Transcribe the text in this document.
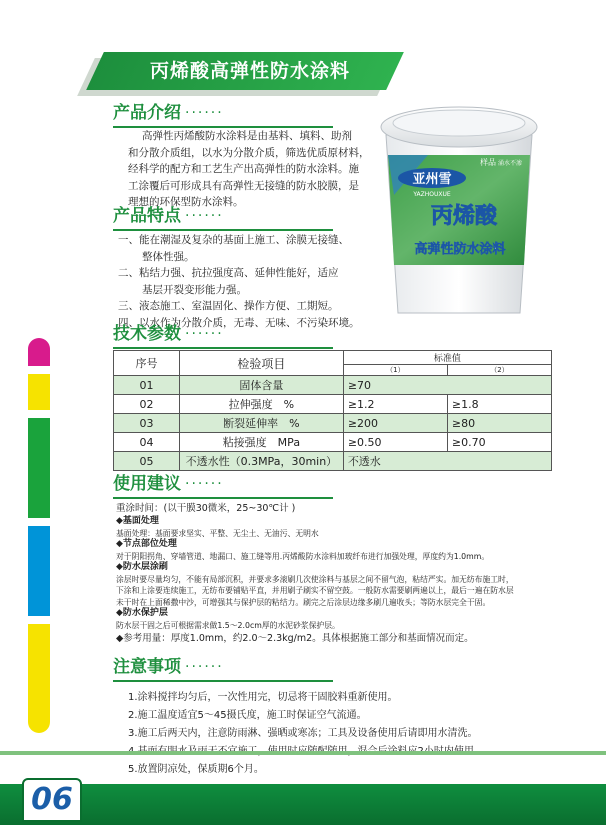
丙烯酸高弹性防水涂料
产品介绍 ······
高弹性丙烯酸防水涂料是由基料、填料、助剂
和分散介质组，以水为分散介质，筛选优质原材料，
经科学的配方和工艺生产出高弹性的防水涂料。施
工涂覆后可形成具有高弹性无接缝的防水胶膜，是
理想的环保型防水涂料。
亚州雪
YAZHOUXUE
样品 涌水不渗
丙烯酸
高弹性防水涂料
产品特点 ······
一、能在潮湿及复杂的基面上施工、涂膜无接缝、
整体性强。
二、粘结力强、抗拉强度高、延伸性能好，适应
基层开裂变形能力强。
三、液态施工、室温固化、操作方便、工期短。
四、以水作为分散介质，无毒、无味、不污染环境。
技术参数 ······
序号	检验项目	标准值	
		（1）	（2）
01	固体含量	≥70	
02	拉伸强度　%	≥1.2	≥1.8
03	断裂延伸率　%	≥200	≥80
04	粘接强度　MPa	≥0.50	≥0.70
05	不透水性（0.3MPa，30min）	不透水	
使用建议 ······
重涂时间：(以干膜30微米，25~30℃计 )
◆基面处理
基面处理：基面要求坚实、平整、无尘土、无油污、无明水
◆节点部位处理
对于阴阳拐角、穿墙管道、地漏口、施工缝等用.丙烯酸防水涂料加玻纤布进行加强处理，厚度约为1.0mm。
◆防水层涂刷
涂层时要尽量均匀，不能有局部沉积，并要求多滚刷几次使涂料与基层之间不留气泡，粘结严实。加无纺布施工时，
下涂和上涂要连续施工，无纺布要铺贴平直，并用刷子刷实不留空鼓。一般防水需要刷两遍以上，最后一遍在防水层
未干时在上面稀撒中沙，可增强其与保护层的粘结力。刷完之后涂层边缘多刷几遍收头；等防水层完全干固。
◆防水保护层
防水层干固之后可根据需求做1.5～2.0cm厚的水泥砂浆保护层。
◆参考用量：厚度1.0mm，约2.0～2.3kg/m2。具体根据施工部分和基面情况而定。
注意事项 ······
1.涂料搅拌均匀后，一次性用完，切忌将干固胶料重新使用。
2.施工温度适宜5～45摄氏度，施工时保证空气流通。
3.施工后两天内，注意防雨淋、强晒或寒冻；工具及设备使用后请即用水清洗。
5.放置阴凉处，保质期6个月。
06
